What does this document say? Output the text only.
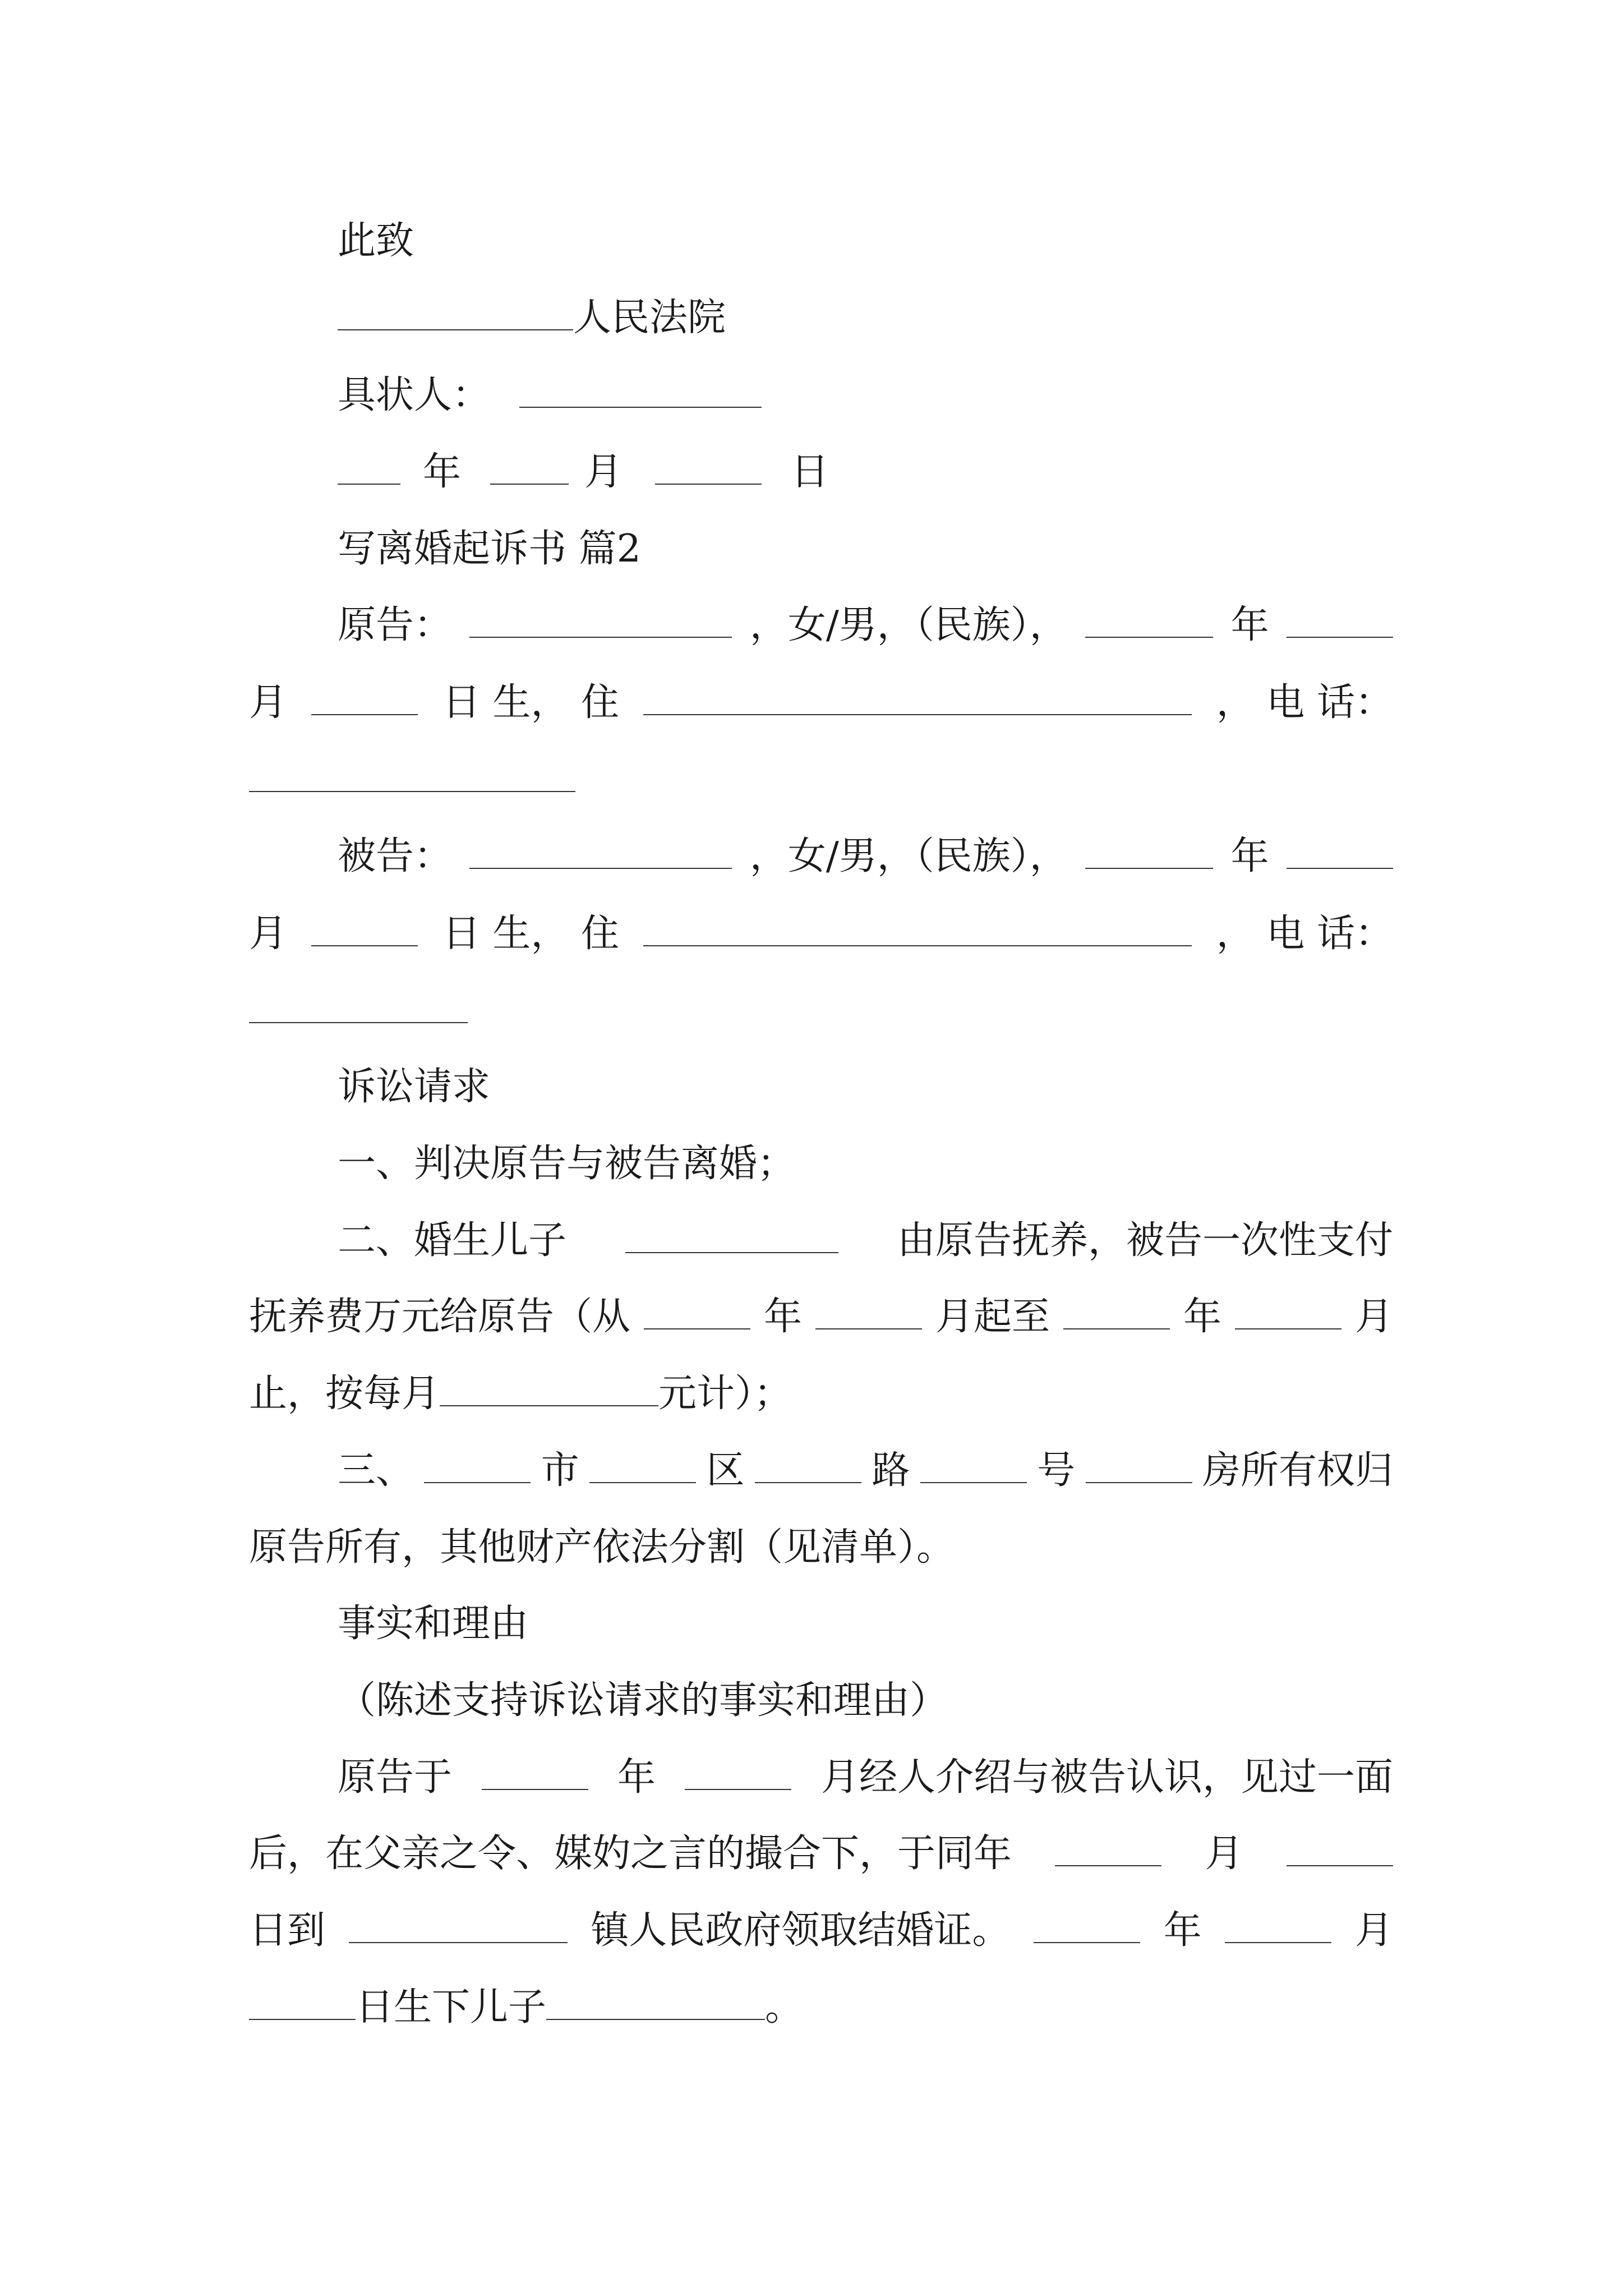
此致
人民法院
具状人：
年	月	日
写离婚起诉书 篇2
原告：	，女/男，（民族），	年
月	日 生， 住	， 电 话：
被告：	，女/男，（民族），	年
月	日 生， 住	， 电 话：
诉讼请求
一、判决原告与被告离婚；
二、婚生儿子	由原告抚养，被告一次性支付
抚养费万元给原告（从	年	月起至	年	月
止，按每月	元计）；
三、	市	区	路	号	房所有权归
原告所有，其他财产依法分割（见清单）。
事实和理由
（陈述支持诉讼请求的事实和理由）
原告于	年	月经人介绍与被告认识，见过一面
后，在父亲之令、媒妁之言的撮合下，于同年	月
日到	镇人民政府领取结婚证。	年	月
日生下儿子	。
